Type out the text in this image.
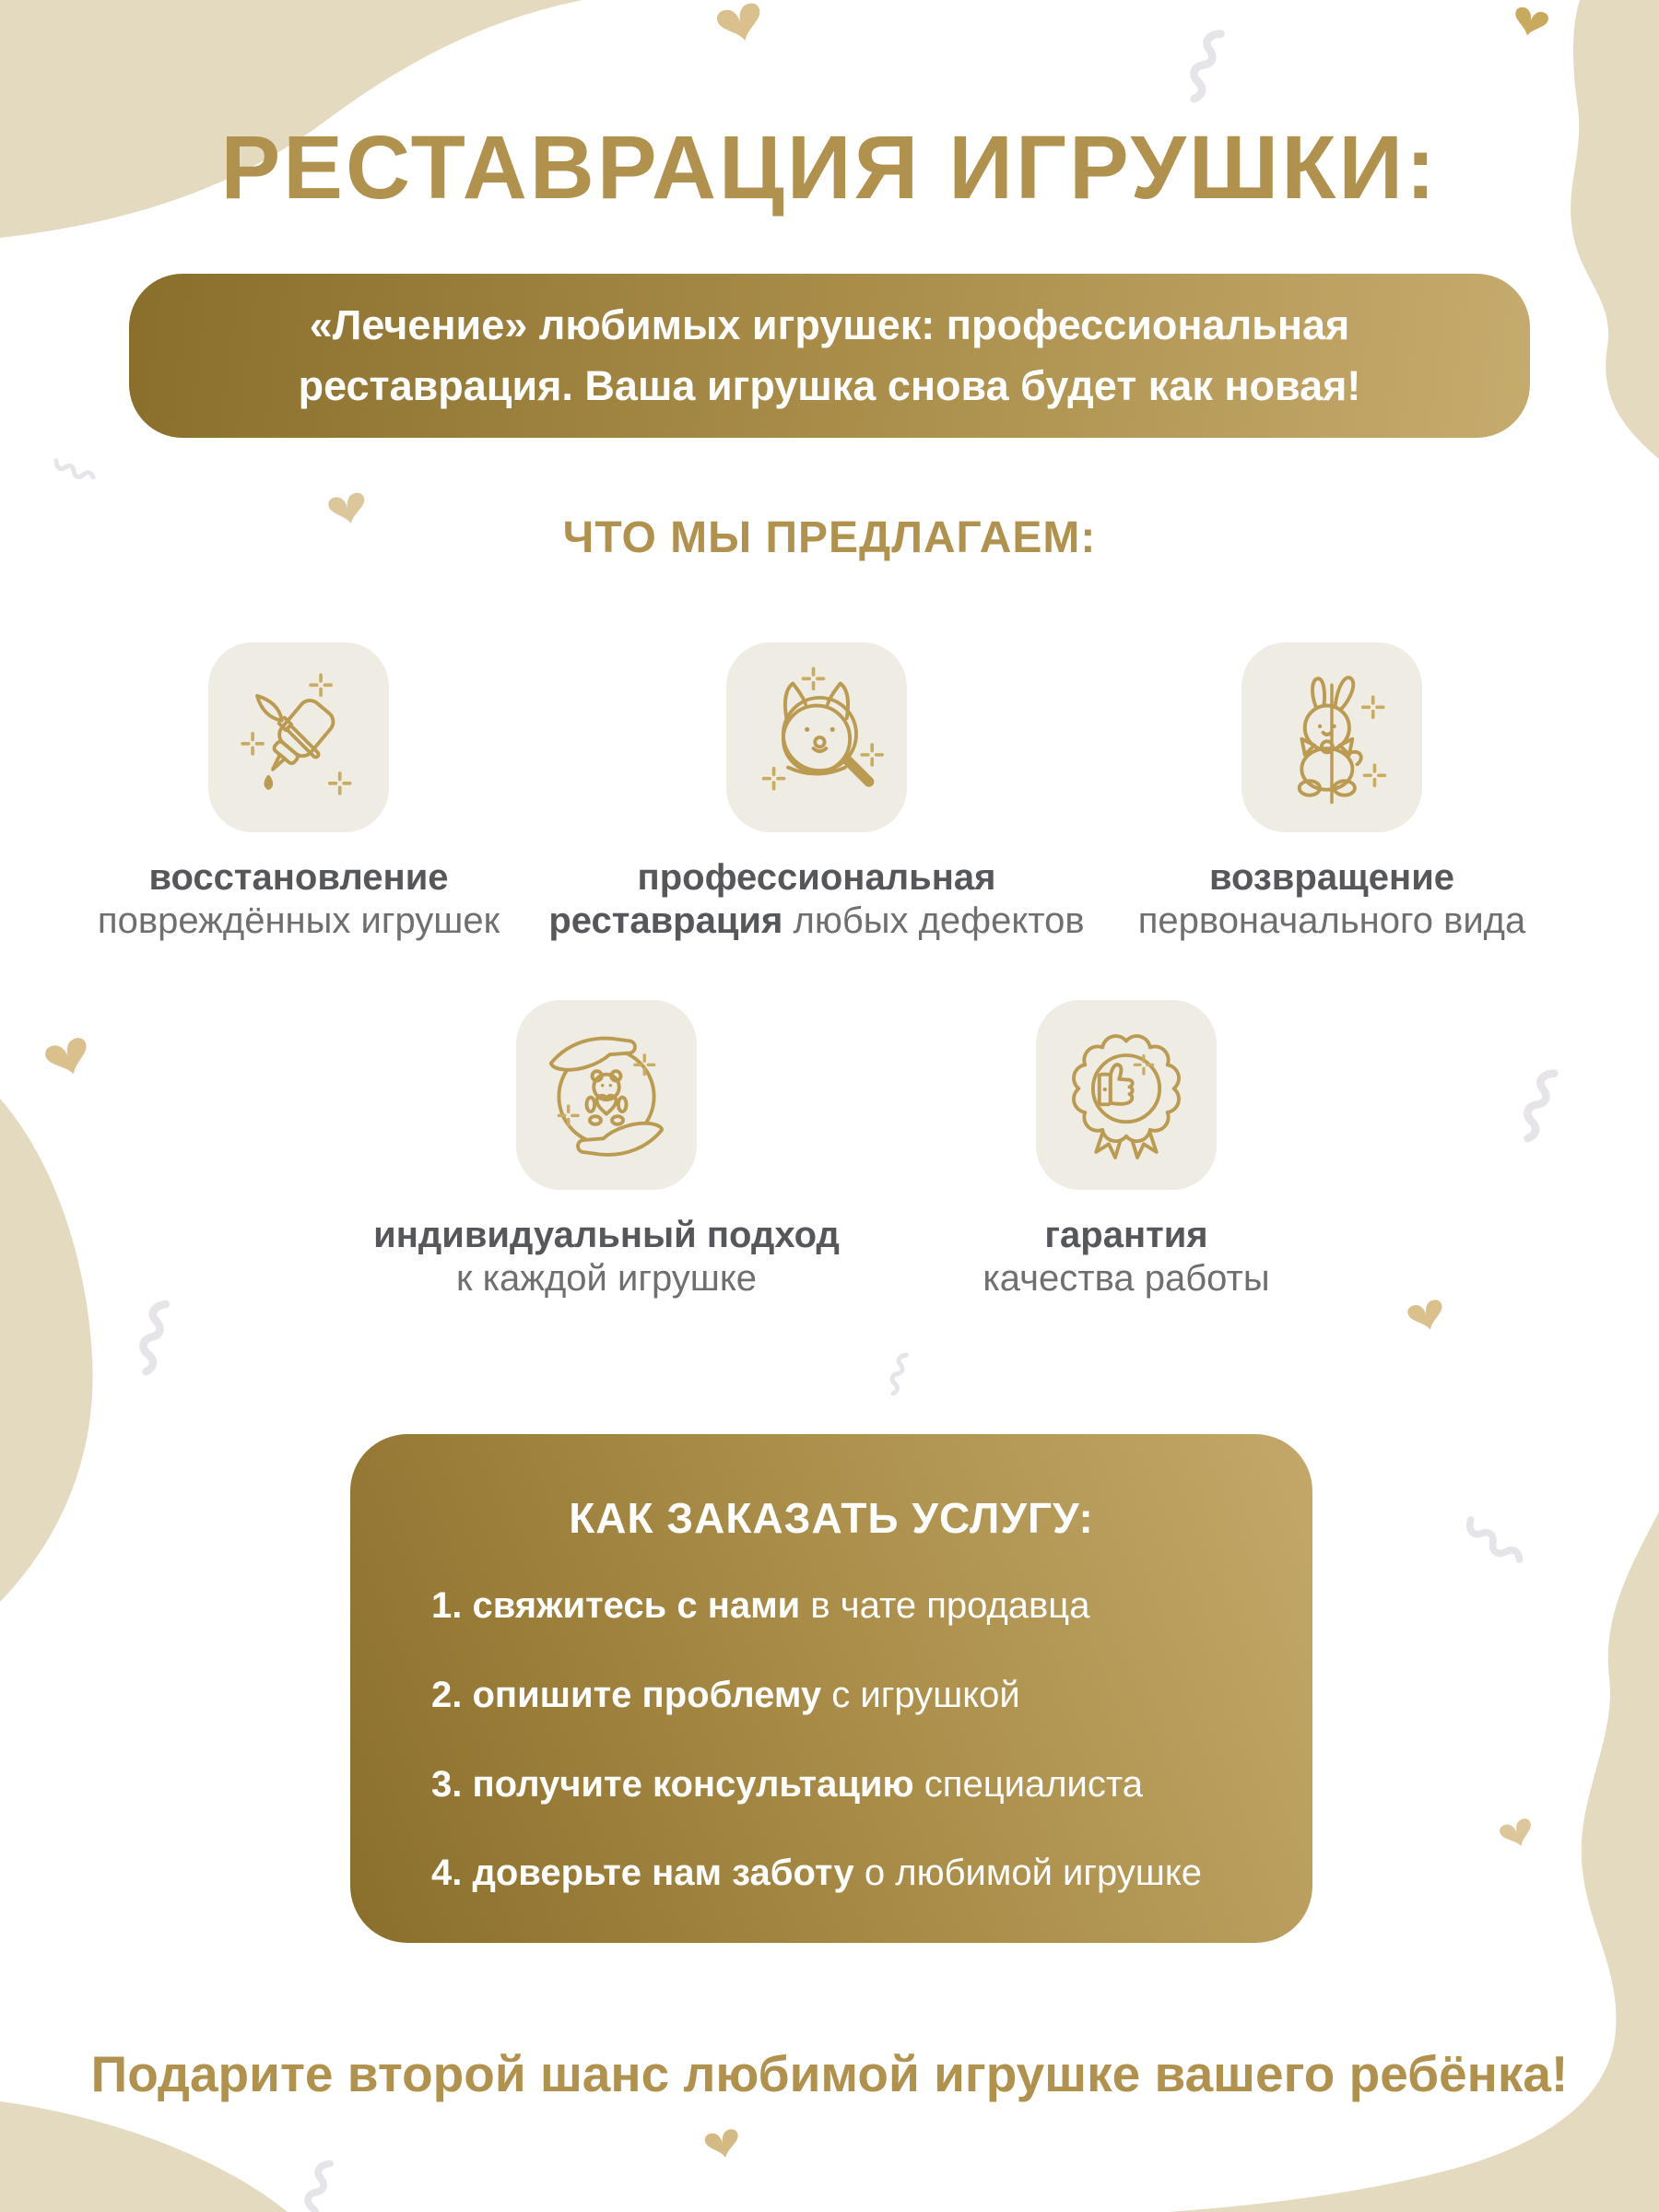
РЕСТАВРАЦИЯ ИГРУШКИ:
«Лечение» любимых игрушек: профессиональная
реставрация. Ваша игрушка снова будет как новая!
ЧТО МЫ ПРЕДЛАГАЕМ:
восстановление
повреждённых игрушек
профессиональная
реставрация любых дефектов
возвращение
первоначального вида
индивидуальный подход
к каждой игрушке
гарантия
качества работы
КАК ЗАКАЗАТЬ УСЛУГУ:
1. свяжитесь с нами в чате продавца
2. опишите проблему с игрушкой
3. получите консультацию специалиста
4. доверьте нам заботу о любимой игрушке
Подарите второй шанс любимой игрушке вашего ребёнка!
